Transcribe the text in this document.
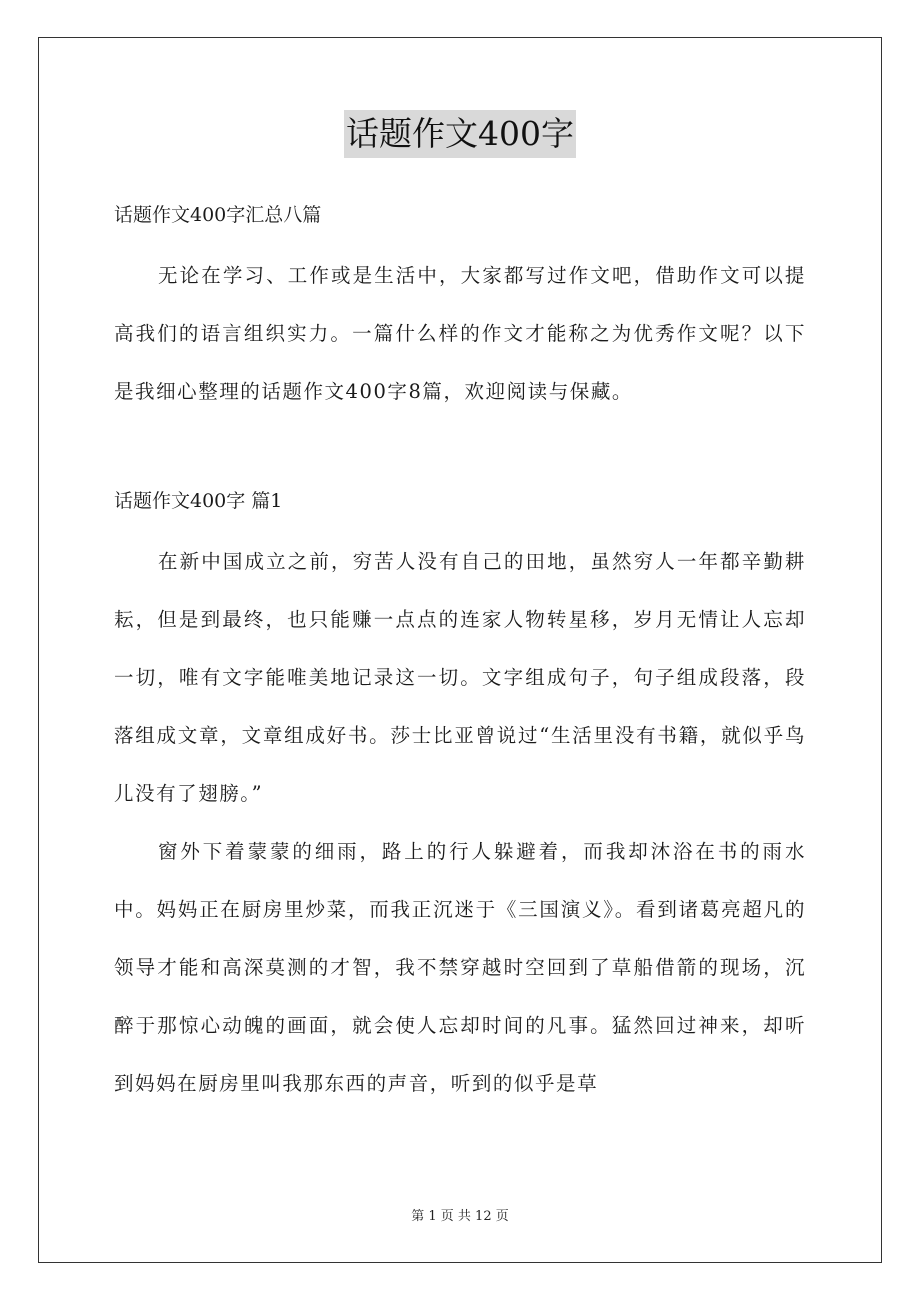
话题作文400字
话题作文400字汇总八篇

无论在学习、工作或是生活中，大家都写过作文吧，借助作文可以提高我们的语言组织实力。一篇什么样的作文才能称之为优秀作文呢？以下是我细心整理的话题作文400字8篇，欢迎阅读与保藏。

话题作文400字 篇1

在新中国成立之前，穷苦人没有自己的田地，虽然穷人一年都辛勤耕耘，但是到最终，也只能赚一点点的连家人物转星移，岁月无情让人忘却一切，唯有文字能唯美地记录这一切。文字组成句子，句子组成段落，段落组成文章，文章组成好书。莎士比亚曾说过“生活里没有书籍，就似乎鸟儿没有了翅膀。”

窗外下着蒙蒙的细雨，路上的行人躲避着，而我却沐浴在书的雨水中。妈妈正在厨房里炒菜，而我正沉迷于《三国演义》。看到诸葛亮超凡的领导才能和高深莫测的才智，我不禁穿越时空回到了草船借箭的现场，沉醉于那惊心动魄的画面，就会使人忘却时间的凡事。猛然回过神来，却听到妈妈在厨房里叫我那东西的声音，听到的似乎是草

第 1 页 共 12 页
